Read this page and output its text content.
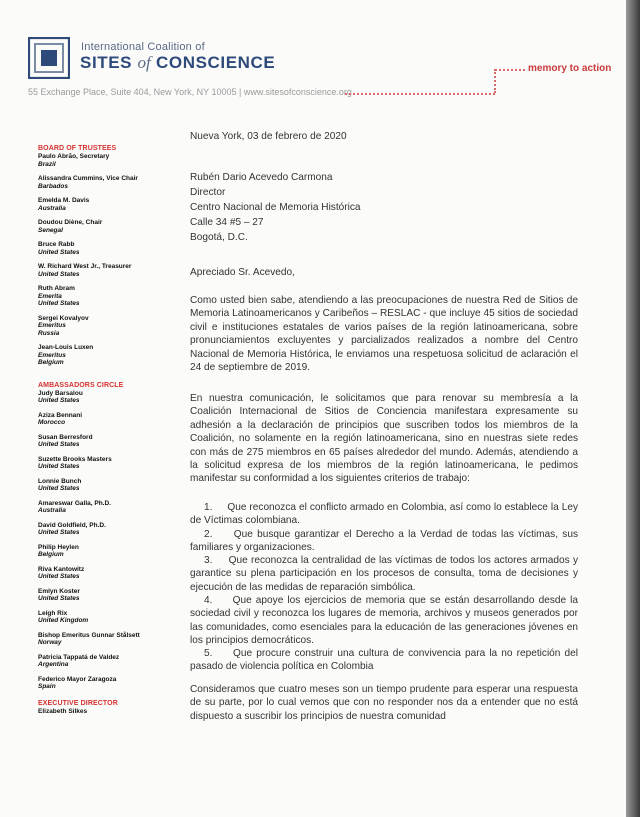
International Coalition of
SITES of CONSCIENCE
55 Exchange Place, Suite 404, New York, NY 10005 | www.sitesofconscience.org
memory to action
BOARD OF TRUSTEES
Paulo Abrão, Secretary
Brazil
Alissandra Cummins, Vice Chair
Barbados
Emelda M. Davis
Australia
Doudou Diène, Chair
Senegal
Bruce Rabb
United States
W. Richard West Jr., Treasurer
United States
Ruth Abram
Emerita
United States
Sergei Kovalyov
Emeritus
Russia
Jean-Louis Luxen
Emeritus
Belgium
AMBASSADORS CIRCLE
Judy Barsalou
United States
Aziza Bennani
Morocco
Susan Berresford
United States
Suzette Brooks Masters
United States
Lonnie Bunch
United States
Amareswar Galla, Ph.D.
Australia
David Goldfield, Ph.D.
United States
Philip Heylen
Belgium
Riva Kantowitz
United States
Emlyn Koster
United States
Leigh Rix
United Kingdom
Bishop Emeritus Gunnar Stålsett
Norway
Patricia Tappatá de Valdez
Argentina
Federico Mayor Zaragoza
Spain
EXECUTIVE DIRECTOR
Elizabeth Silkes
Nueva York, 03 de febrero de 2020
Rubén Dario Acevedo Carmona
Director
Centro Nacional de Memoria Histórica
Calle 34 #5 – 27
Bogotá, D.C.
Apreciado Sr. Acevedo,
Como usted bien sabe, atendiendo a las preocupaciones de nuestra Red de Sitios de Memoria Latinoamericanos y Caribeños – RESLAC - que incluye 45 sitios de sociedad civil e instituciones estatales de varios países de la región latinoamericana, sobre pronunciamientos excluyentes y parcializados realizados a nombre del Centro Nacional de Memoria Histórica, le enviamos una respetuosa solicitud de aclaración el 24 de septiembre de 2019.
En nuestra comunicación, le solicitamos que para renovar su membresía a la Coalición Internacional de Sitios de Conciencia manifestara expresamente su adhesión a la declaración de principios que suscriben todos los miembros de la Coalición, no solamente en la región latinoamericana, sino en nuestras siete redes con más de 275 miembros en 65 países alrededor del mundo. Además, atendiendo a la solicitud expresa de los miembros de la región latinoamericana, le pedimos manifestar su conformidad a los siguientes criterios de trabajo:
1.     Que reconozca el conflicto armado en Colombia, así como lo establece la Ley de Víctimas colombiana.
2.     Que busque garantizar el Derecho a la Verdad de todas las víctimas, sus familiares y organizaciones.
3.     Que reconozca la centralidad de las víctimas de todos los actores armados y garantice su plena participación en los procesos de consulta, toma de decisiones y ejecución de las medidas de reparación simbólica.
4.     Que apoye los ejercicios de memoria que se están desarrollando desde la sociedad civil y reconozca los lugares de memoria, archivos y museos generados por las comunidades, como esenciales para la educación de las generaciones jóvenes en los principios democráticos.
5.     Que procure construir una cultura de convivencia para la no repetición del pasado de violencia política en Colombia
Consideramos que cuatro meses son un tiempo prudente para esperar una respuesta de su parte, por lo cual vemos que con no responder nos da a entender que no está dispuesto a suscribir los principios de nuestra comunidad
